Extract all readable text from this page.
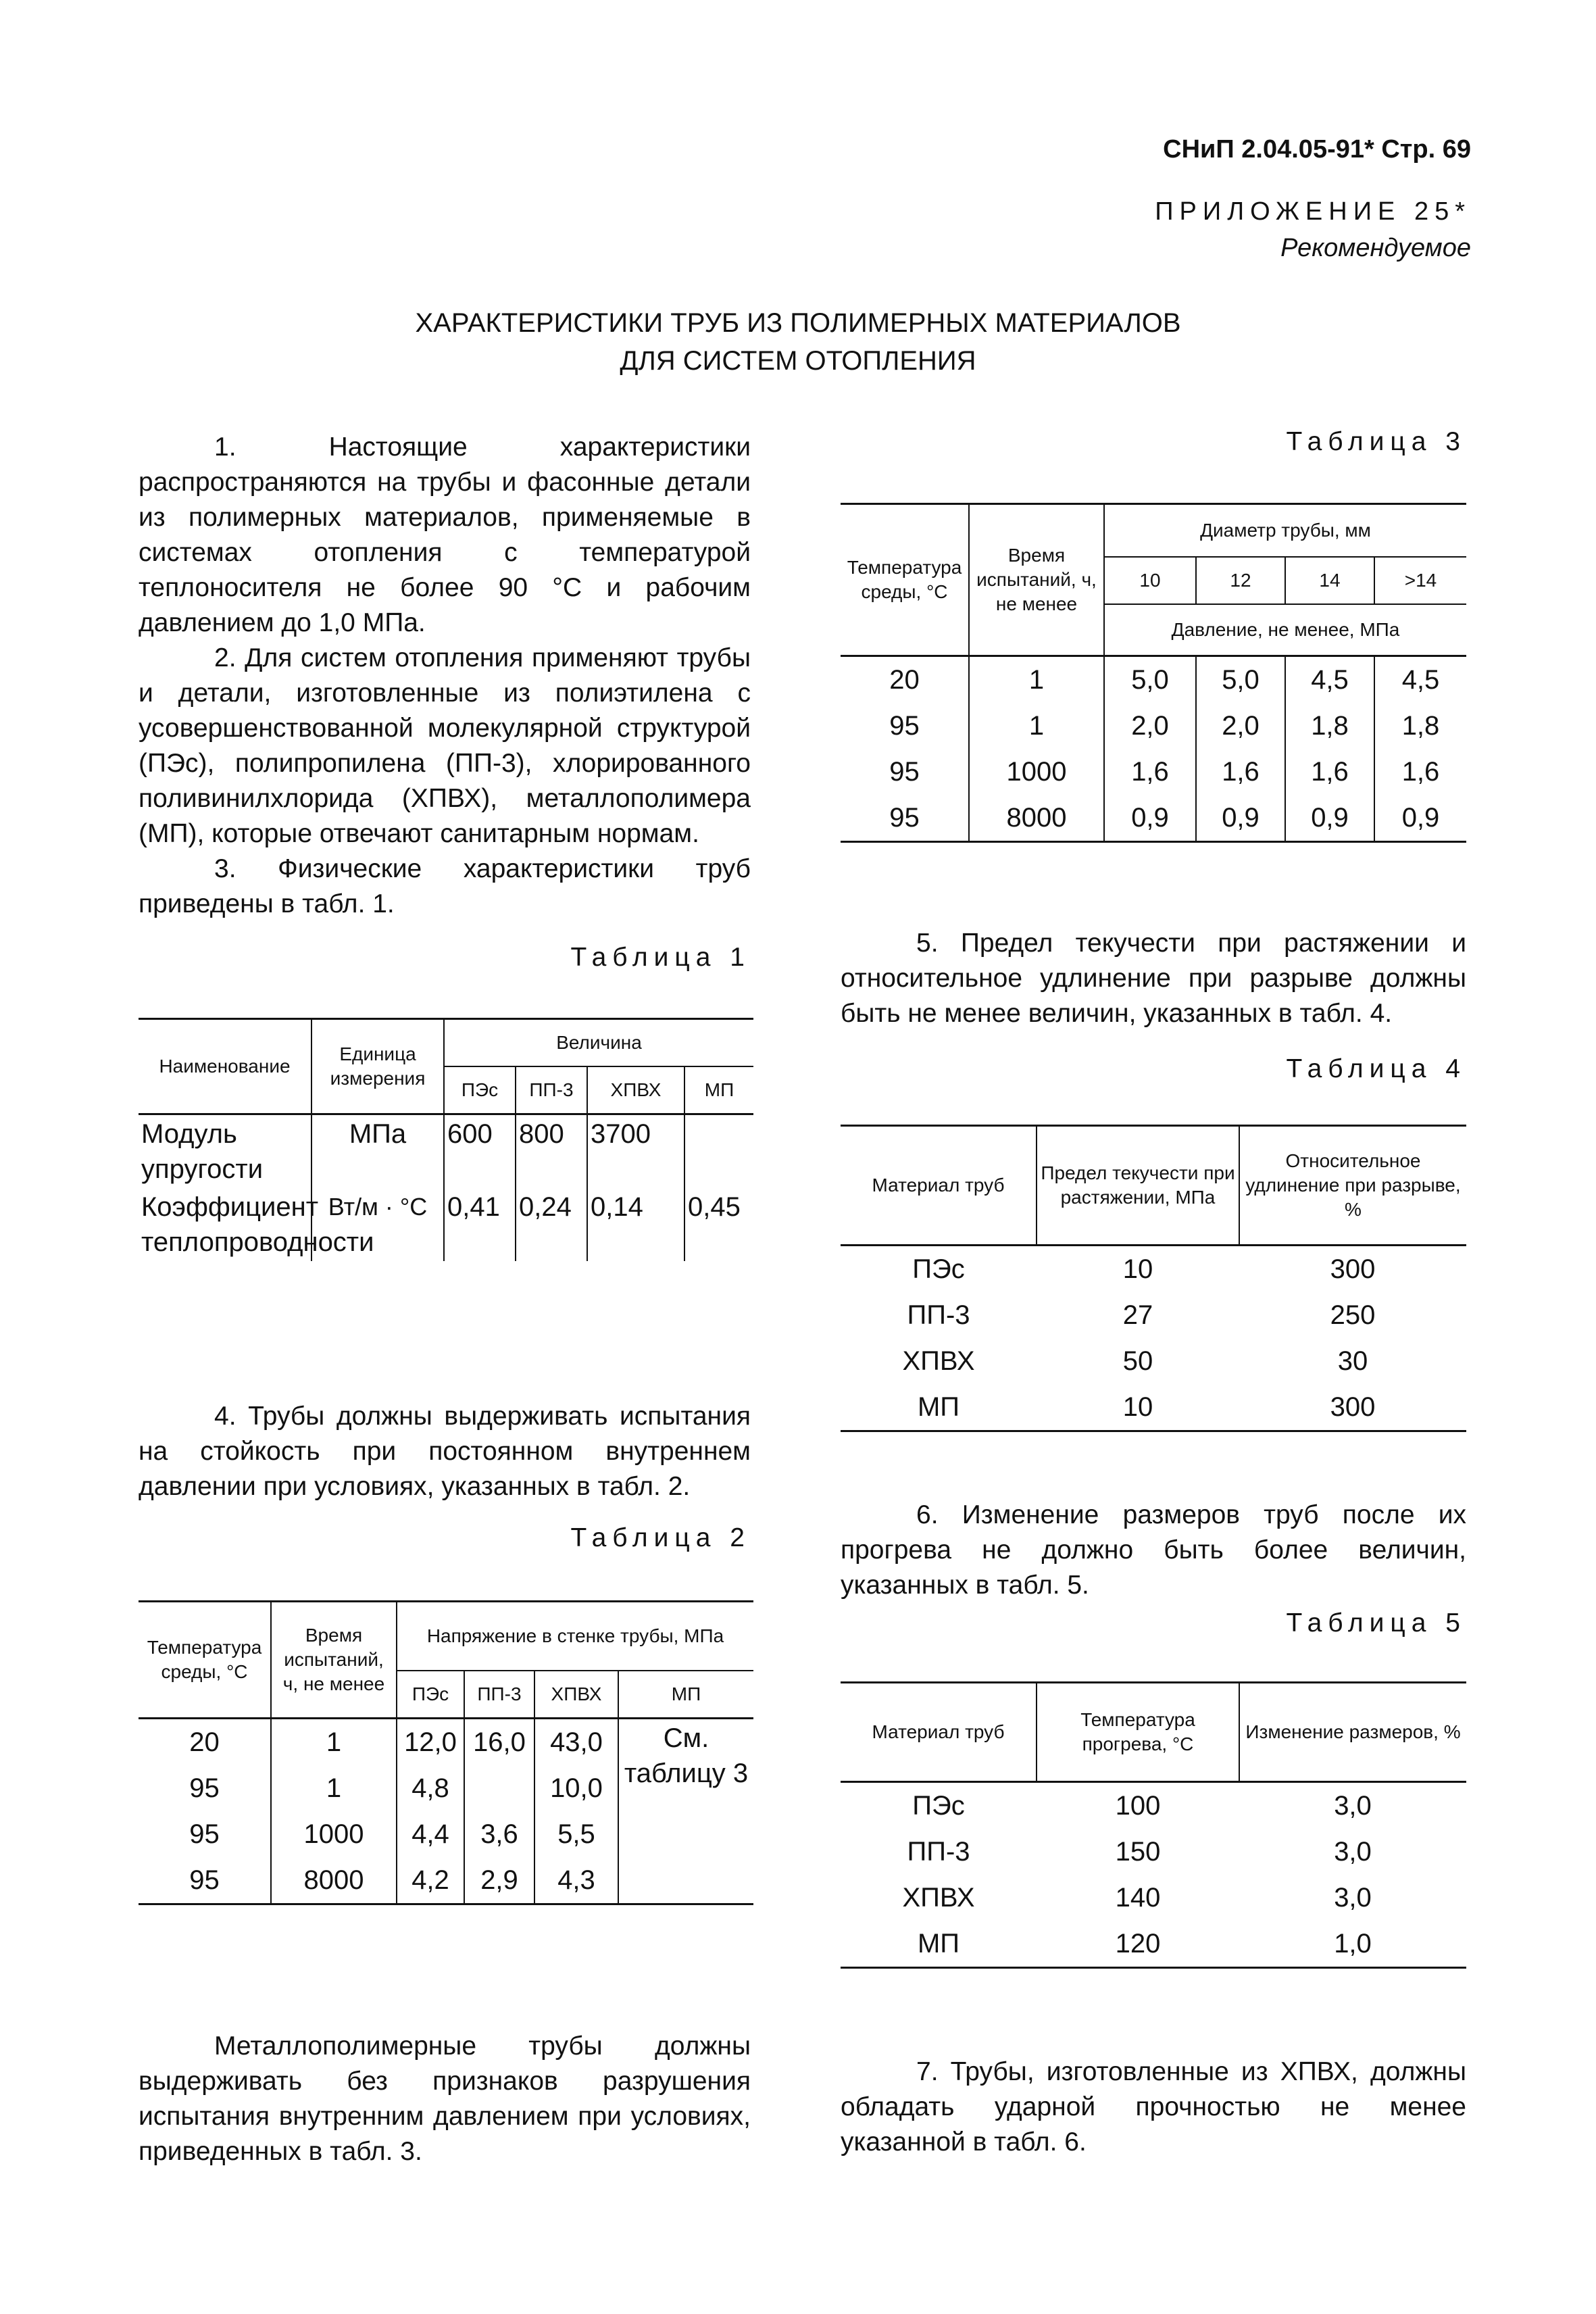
СНиП 2.04.05-91* Стр. 69
ПРИЛОЖЕНИЕ 25*
Рекомендуемое
ХАРАКТЕРИСТИКИ ТРУБ ИЗ ПОЛИМЕРНЫХ МАТЕРИАЛОВ
ДЛЯ СИСТЕМ ОТОПЛЕНИЯ

1. Настоящие характеристики распространяются на трубы и фасонные детали из полимерных материалов, применяемые в системах отопления с температурой теплоносителя не более 90 °С и рабочим давлением до 1,0 МПа.

2. Для систем отопления применяют трубы и детали, изготовленные из полиэтилена с усовершенствованной молекулярной структурой (ПЭс), полипропилена (ПП-3), хлорированного поливинилхлорида (ХПВХ), металлополимера (МП), которые отвечают санитарным нормам.

3. Физические характеристики труб приведены в табл. 1.

Таблица 1
Наименование	Единица измерения	Величина			
		ПЭс	ПП-3	ХПВХ	МП
Модуль упругости	МПа	600	800	3700	
Коэффициент теплопроводности	Вт/м · °С	0,41	0,24	0,14	0,45

4. Трубы должны выдерживать испытания на стойкость при постоянном внутреннем давлении при условиях, указанных в табл. 2.

Таблица 2
Температура среды, °С	Время испытаний, ч, не менее	Напряжение в стенке трубы, МПа			
		ПЭс	ПП-3	ХПВХ	МП
20	1	12,0	16,0	43,0	См. таблицу 3
95	1	4,8		10,0	
95	1000	4,4	3,6	5,5	
95	8000	4,2	2,9	4,3	

Металлополимерные трубы должны выдерживать без признаков разрушения испытания внутренним давлением при условиях, приведенных в табл. 3.

Таблица 3
Температура среды, °С	Время испытаний, ч, не менее	Диаметр трубы, мм			
		10	12	14	>14
		Давление, не менее, МПа			
20	1	5,0	5,0	4,5	4,5
95	1	2,0	2,0	1,8	1,8
95	1000	1,6	1,6	1,6	1,6
95	8000	0,9	0,9	0,9	0,9

5. Предел текучести при растяжении и относительное удлинение при разрыве должны быть не менее величин, указанных в табл. 4.

Таблица 4
Материал труб	Предел текучести при растяжении, МПа	Относительное удлинение при разрыве, %
ПЭс	10	300
ПП-3	27	250
ХПВХ	50	30
МП	10	300

6. Изменение размеров труб после их прогрева не должно быть более величин, указанных в табл. 5.

Таблица 5
Материал труб	Температура прогрева, °С	Изменение размеров, %
ПЭс	100	3,0
ПП-3	150	3,0
ХПВХ	140	3,0
МП	120	1,0

7. Трубы, изготовленные из ХПВХ, должны обладать ударной прочностью не менее указанной в табл. 6.
